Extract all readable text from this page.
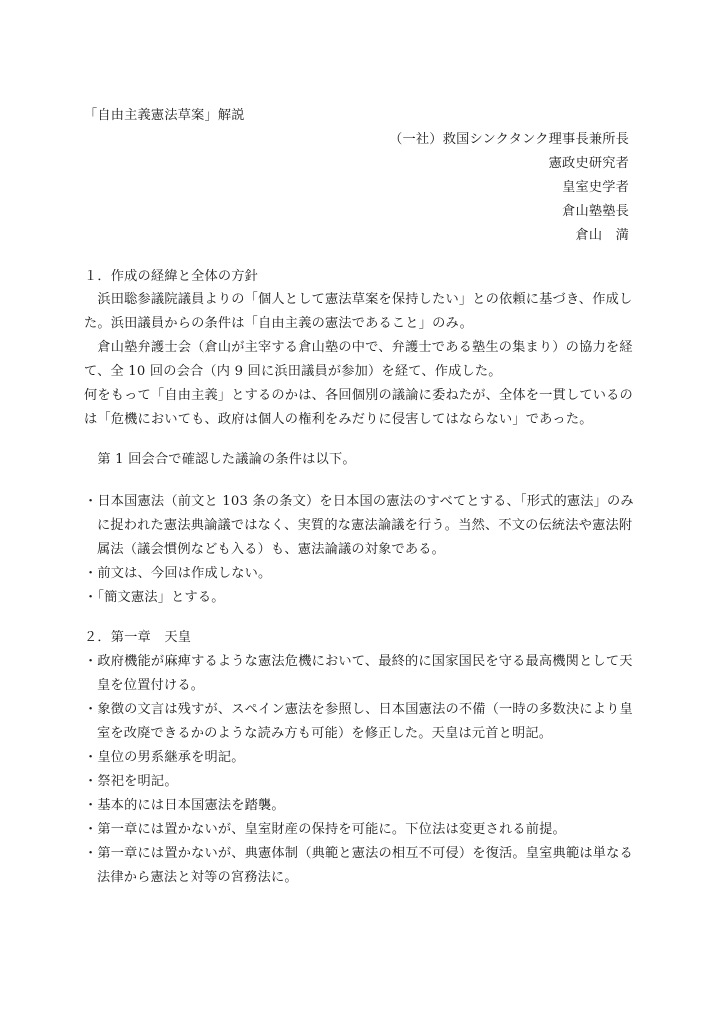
「自由主義憲法草案」解説
（一社）救国シンクタンク理事長兼所長
憲政史研究者
皇室史学者
倉山塾塾長
倉山　満
１．作成の経緯と全体の方針
　浜田聡参議院議員よりの「個人として憲法草案を保持したい」との依頼に基づき、作成し
た。浜田議員からの条件は「自由主義の憲法であること」のみ。
　倉山塾弁護士会（倉山が主宰する倉山塾の中で、弁護士である塾生の集まり）の協力を経
て、全 10 回の会合（内 9 回に浜田議員が参加）を経て、作成した。
何をもって「自由主義」とするのかは、各回個別の議論に委ねたが、全体を一貫しているの
は「危機においても、政府は個人の権利をみだりに侵害してはならない」であった。
　第 1 回会合で確認した議論の条件は以下。
・日本国憲法（前文と 103 条の条文）を日本国の憲法のすべてとする、「形式的憲法」のみ
に捉われた憲法典論議ではなく、実質的な憲法論議を行う。当然、不文の伝統法や憲法附
属法（議会慣例なども入る）も、憲法論議の対象である。
・前文は、今回は作成しない。
・「簡文憲法」とする。
２．第一章　天皇
・政府機能が麻痺するような憲法危機において、最終的に国家国民を守る最高機関として天
皇を位置付ける。
・象徴の文言は残すが、スペイン憲法を参照し、日本国憲法の不備（一時の多数決により皇
室を改廃できるかのような読み方も可能）を修正した。天皇は元首と明記。
・皇位の男系継承を明記。
・祭祀を明記。
・基本的には日本国憲法を踏襲。
・第一章には置かないが、皇室財産の保持を可能に。下位法は変更される前提。
・第一章には置かないが、典憲体制（典範と憲法の相互不可侵）を復活。皇室典範は単なる
法律から憲法と対等の宮務法に。
